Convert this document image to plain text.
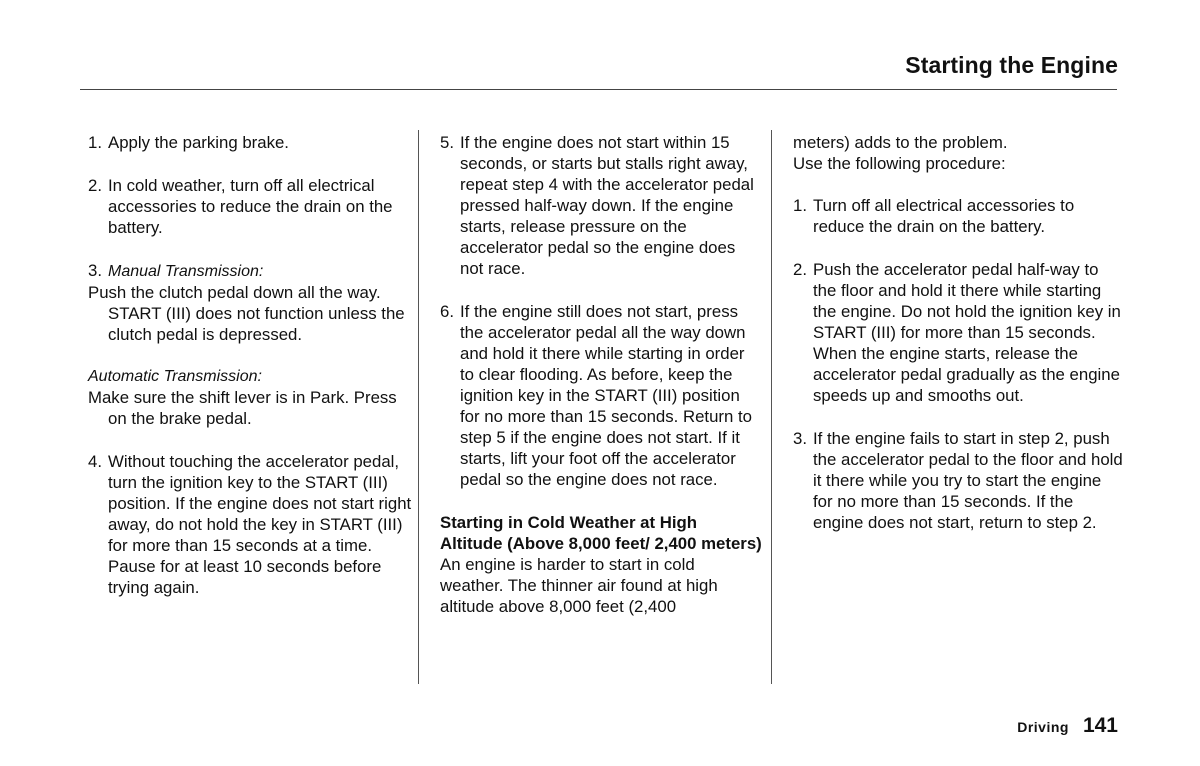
Starting the Engine

1. Apply the parking brake.

2. In cold weather, turn off all electrical accessories to reduce the drain on the battery.

3. Manual Transmission:
Push the clutch pedal down all the way. START (III) does not function unless the clutch pedal is depressed.
Automatic Transmission:
Make sure the shift lever is in Park. Press on the brake pedal.

4. Without touching the accelerator pedal, turn the ignition key to the START (III) position. If the engine does not start right away, do not hold the key in START (III) for more than 15 seconds at a time. Pause for at least 10 seconds before trying again.

5. If the engine does not start within 15 seconds, or starts but stalls right away, repeat step 4 with the accelerator pedal pressed half-way down. If the engine starts, release pressure on the accelerator pedal so the engine does not race.

6. If the engine still does not start, press the accelerator pedal all the way down and hold it there while starting in order to clear flooding. As before, keep the ignition key in the START (III) position for no more than 15 seconds. Return to step 5 if the engine does not start. If it starts, lift your foot off the accelerator pedal so the engine does not race.

Starting in Cold Weather at High Altitude (Above 8,000 feet/ 2,400 meters)

An engine is harder to start in cold weather. The thinner air found at high altitude above 8,000 feet (2,400

meters) adds to the problem.

Use the following procedure:

1. Turn off all electrical accessories to reduce the drain on the battery.

2. Push the accelerator pedal half-way to the floor and hold it there while starting the engine. Do not hold the ignition key in START (III) for more than 15 seconds. When the engine starts, release the accelerator pedal gradually as the engine speeds up and smooths out.

3. If the engine fails to start in step 2, push the accelerator pedal to the floor and hold it there while you try to start the engine for no more than 15 seconds. If the engine does not start, return to step 2.

Driving 141
